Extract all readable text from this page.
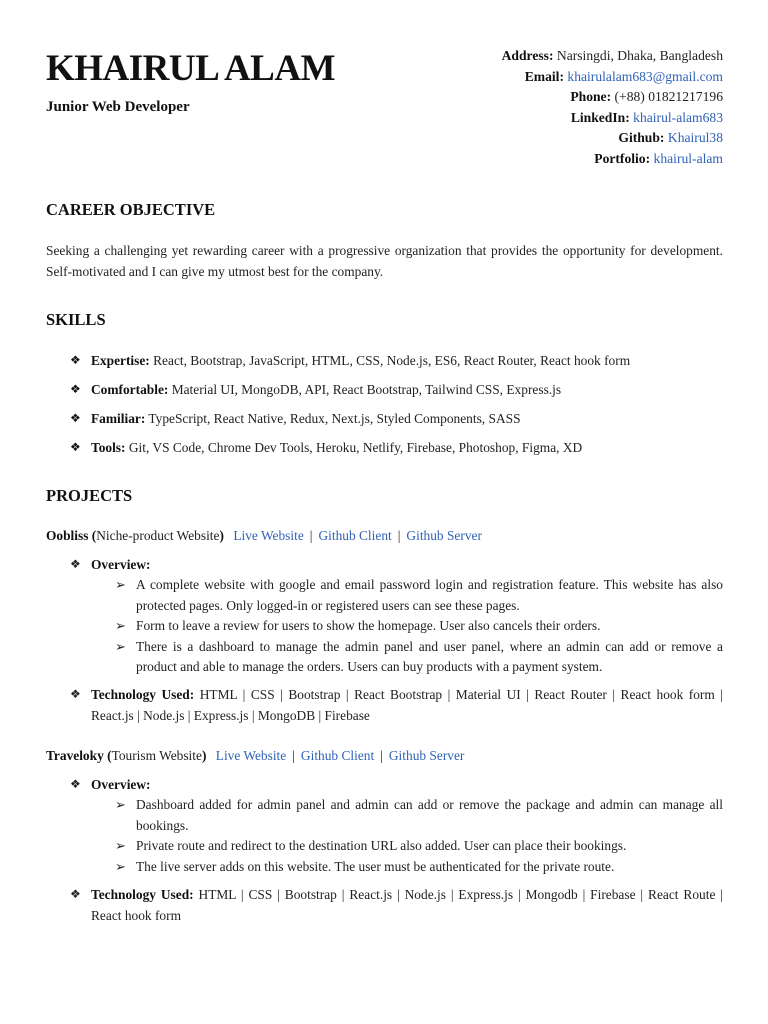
KHAIRUL ALAM
Junior Web Developer
Address: Narsingdi, Dhaka, Bangladesh
Email: khairulalam683@gmail.com
Phone: (+88) 01821217196
LinkedIn: khairul-alam683
Github: Khairul38
Portfolio: khairul-alam
CAREER OBJECTIVE
Seeking a challenging yet rewarding career with a progressive organization that provides the opportunity for development. Self-motivated and I can give my utmost best for the company.
SKILLS
❖ Expertise: React, Bootstrap, JavaScript, HTML, CSS, Node.js, ES6, React Router, React hook form
❖ Comfortable: Material UI, MongoDB, API, React Bootstrap, Tailwind CSS, Express.js
❖ Familiar: TypeScript, React Native, Redux, Next.js, Styled Components, SASS
❖ Tools: Git, VS Code, Chrome Dev Tools, Heroku, Netlify, Firebase, Photoshop, Figma, XD
PROJECTS
Oobliss (Niche-product Website) Live Website | Github Client | Github Server
❖ Overview:
➢ A complete website with google and email password login and registration feature. This website has also protected pages. Only logged-in or registered users can see these pages.
➢ Form to leave a review for users to show the homepage. User also cancels their orders.
➢ There is a dashboard to manage the admin panel and user panel, where an admin can add or remove a product and able to manage the orders. Users can buy products with a payment system.
❖ Technology Used: HTML | CSS | Bootstrap | React Bootstrap | Material UI | React Router | React hook form | React.js | Node.js | Express.js | MongoDB | Firebase
Traveloky (Tourism Website) Live Website | Github Client | Github Server
❖ Overview:
➢ Dashboard added for admin panel and admin can add or remove the package and admin can manage all bookings.
➢ Private route and redirect to the destination URL also added. User can place their bookings.
➢ The live server adds on this website. The user must be authenticated for the private route.
❖ Technology Used: HTML | CSS | Bootstrap | React.js | Node.js | Express.js | Mongodb | Firebase | React Route | React hook form
